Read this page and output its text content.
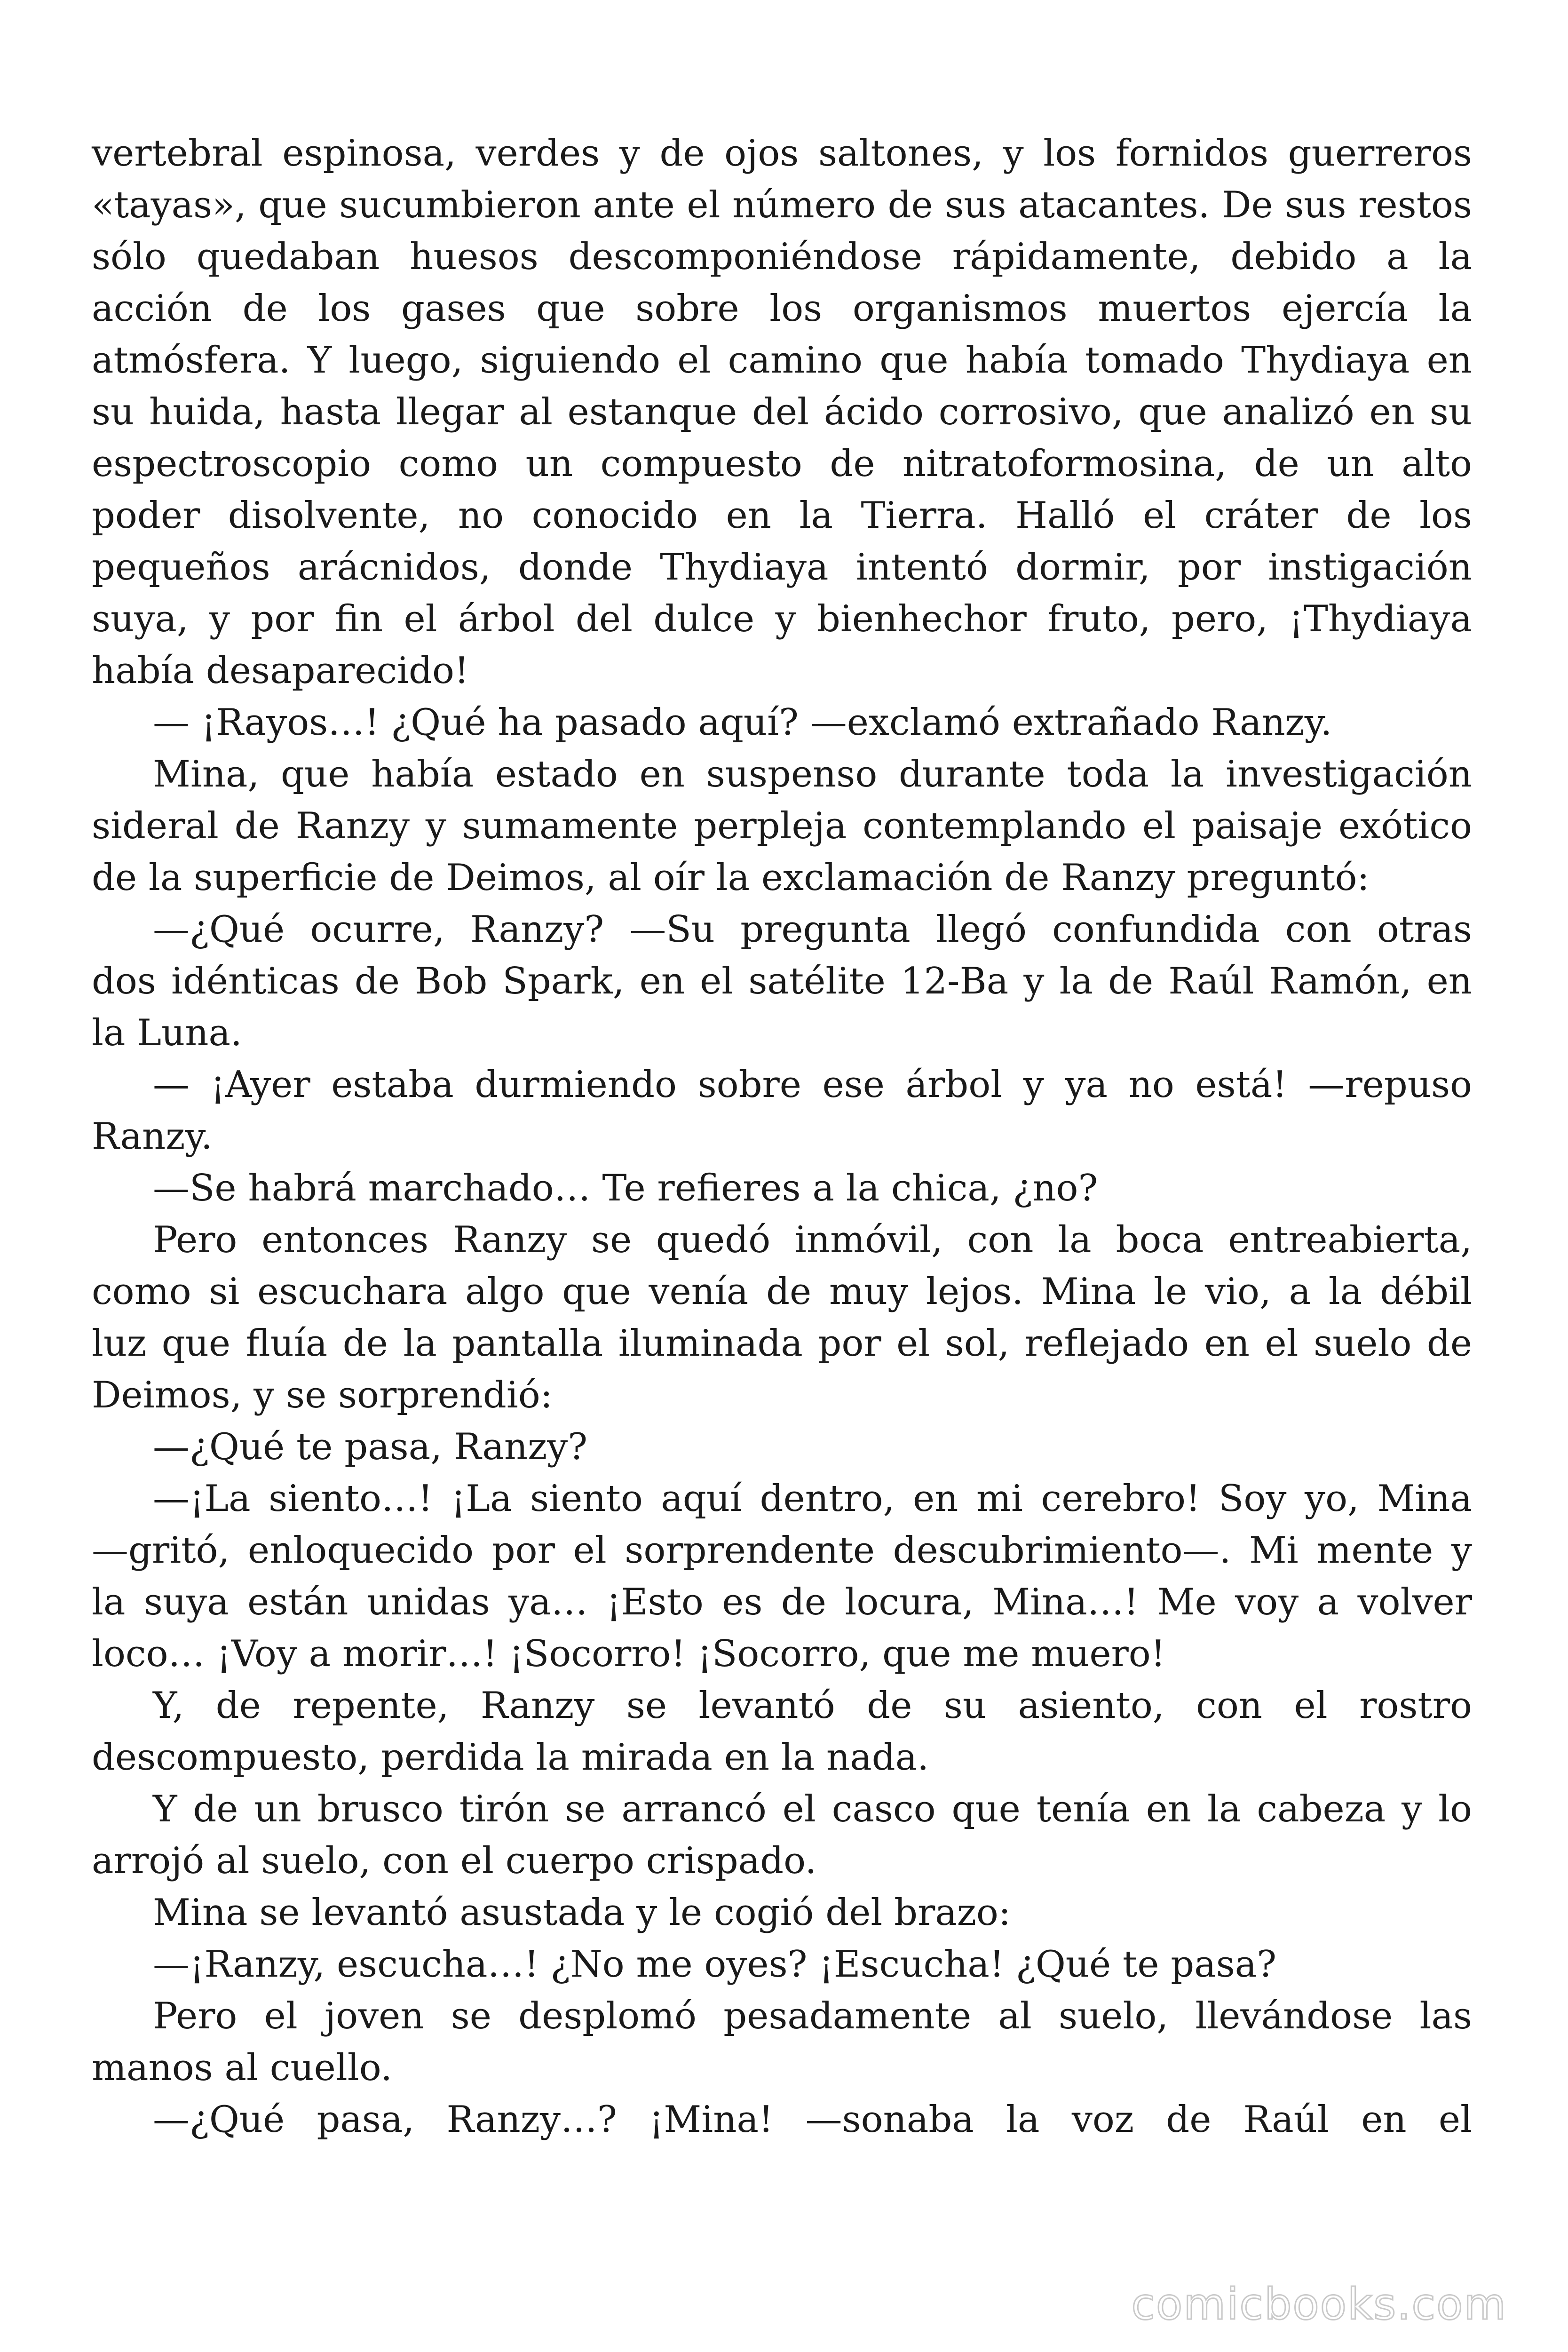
vertebral espinosa, verdes y de ojos saltones, y los fornidos guerreros
«tayas», que sucumbieron ante el número de sus atacantes. De sus restos
sólo quedaban huesos descomponiéndose rápidamente, debido a la
acción de los gases que sobre los organismos muertos ejercía la
atmósfera. Y luego, siguiendo el camino que había tomado Thydiaya en
su huida, hasta llegar al estanque del ácido corrosivo, que analizó en su
espectroscopio como un compuesto de nitratoformosina, de un alto
poder disolvente, no conocido en la Tierra. Halló el cráter de los
pequeños arácnidos, donde Thydiaya intentó dormir, por instigación
suya, y por fin el árbol del dulce y bienhechor fruto, pero, ¡Thydiaya
había desaparecido!
— ¡Rayos…! ¿Qué ha pasado aquí? —exclamó extrañado Ranzy.
Mina, que había estado en suspenso durante toda la investigación
sideral de Ranzy y sumamente perpleja contemplando el paisaje exótico
de la superficie de Deimos, al oír la exclamación de Ranzy preguntó:
—¿Qué ocurre, Ranzy? —Su pregunta llegó confundida con otras
dos idénticas de Bob Spark, en el satélite 12-Ba y la de Raúl Ramón, en
la Luna.
— ¡Ayer estaba durmiendo sobre ese árbol y ya no está! —repuso
Ranzy.
—Se habrá marchado… Te refieres a la chica, ¿no?
Pero entonces Ranzy se quedó inmóvil, con la boca entreabierta,
como si escuchara algo que venía de muy lejos. Mina le vio, a la débil
luz que fluía de la pantalla iluminada por el sol, reflejado en el suelo de
Deimos, y se sorprendió:
—¿Qué te pasa, Ranzy?
—¡La siento…! ¡La siento aquí dentro, en mi cerebro! Soy yo, Mina
—gritó, enloquecido por el sorprendente descubrimiento—. Mi mente y
la suya están unidas ya… ¡Esto es de locura, Mina…! Me voy a volver
loco… ¡Voy a morir…! ¡Socorro! ¡Socorro, que me muero!
Y, de repente, Ranzy se levantó de su asiento, con el rostro
descompuesto, perdida la mirada en la nada.
Y de un brusco tirón se arrancó el casco que tenía en la cabeza y lo
arrojó al suelo, con el cuerpo crispado.
Mina se levantó asustada y le cogió del brazo:
—¡Ranzy, escucha…! ¿No me oyes? ¡Escucha! ¿Qué te pasa?
Pero el joven se desplomó pesadamente al suelo, llevándose las
manos al cuello.
—¿Qué pasa, Ranzy…? ¡Mina! —sonaba la voz de Raúl en el
comicbooks.com
